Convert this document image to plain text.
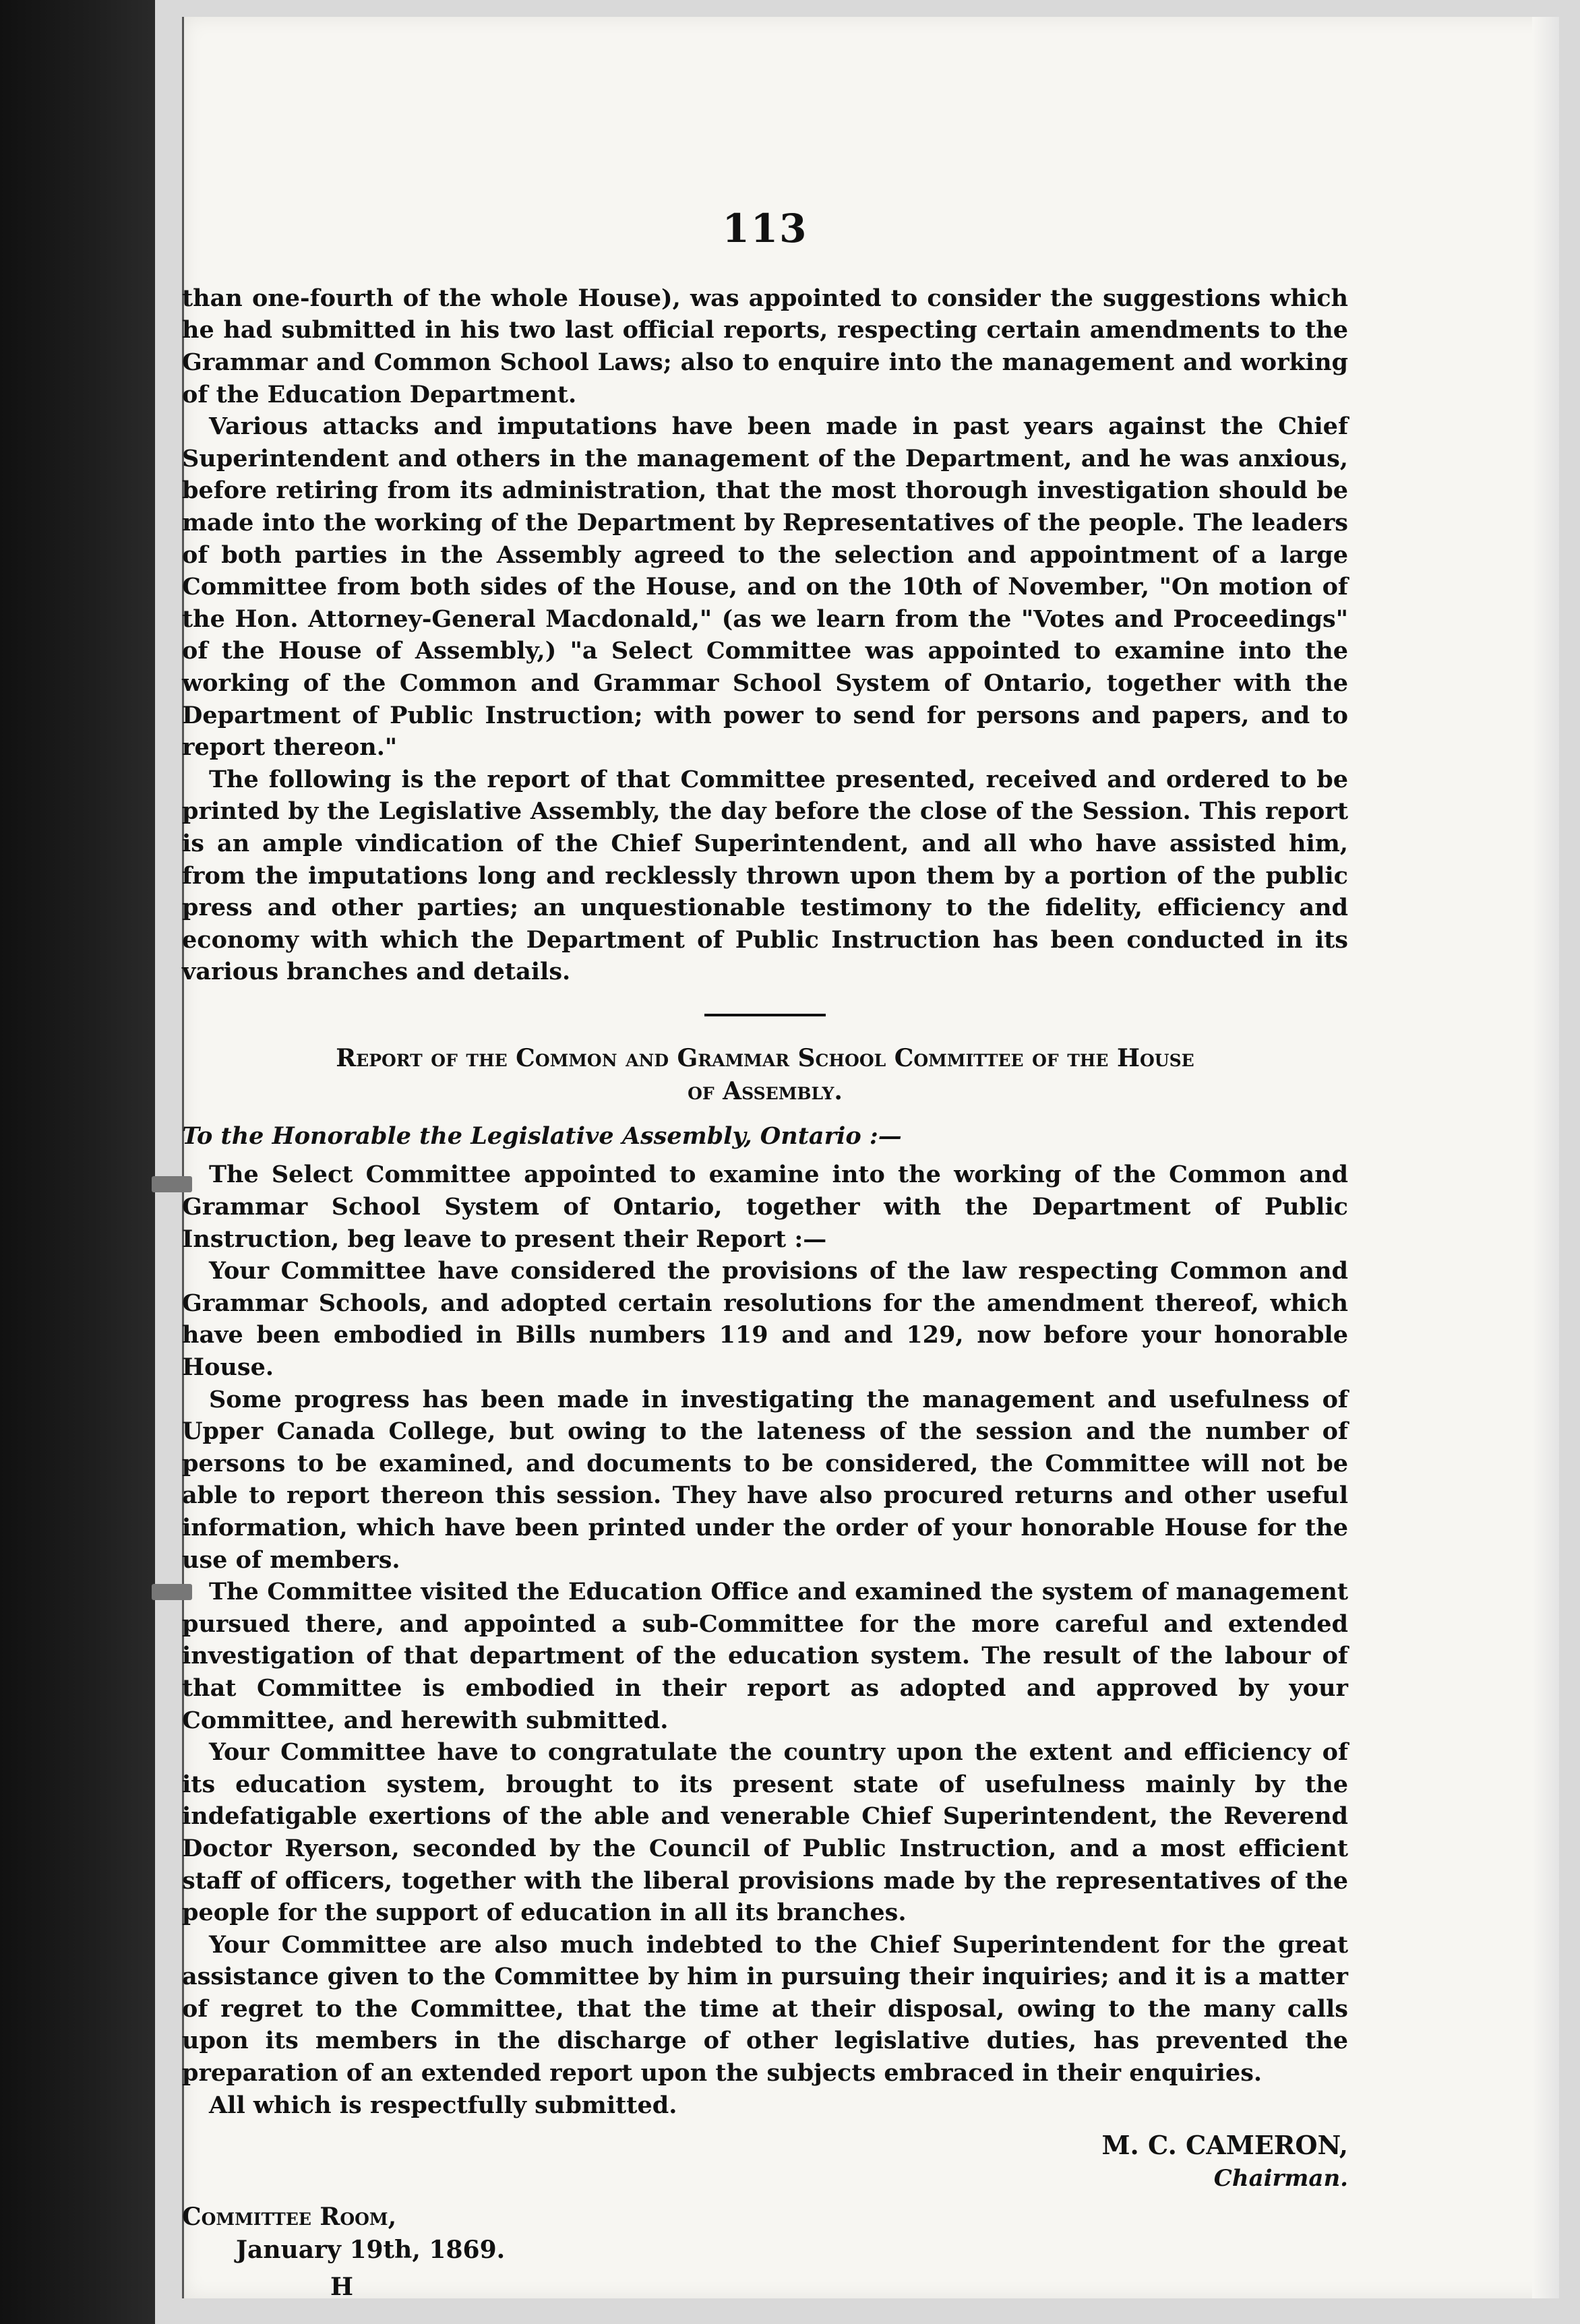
113

than one-fourth of the whole House), was appointed to consider the suggestions which he had submitted in his two last official reports, respecting certain amendments to the Grammar and Common School Laws; also to enquire into the management and working of the Education Department.

Various attacks and imputations have been made in past years against the Chief Superintendent and others in the management of the Department, and he was anxious, before retiring from its administration, that the most thorough investigation should be made into the working of the Department by Representatives of the people. The leaders of both parties in the Assembly agreed to the selection and appointment of a large Committee from both sides of the House, and on the 10th of November, "On motion of the Hon. Attorney-General Macdonald," (as we learn from the "Votes and Proceedings" of the House of Assembly,) "a Select Committee was appointed to examine into the working of the Common and Grammar School System of Ontario, together with the Department of Public Instruction; with power to send for persons and papers, and to report thereon."

The following is the report of that Committee presented, received and ordered to be printed by the Legislative Assembly, the day before the close of the Session. This report is an ample vindication of the Chief Superintendent, and all who have assisted him, from the imputations long and recklessly thrown upon them by a portion of the public press and other parties; an unquestionable testimony to the fidelity, efficiency and economy with which the Department of Public Instruction has been conducted in its various branches and details.

Report of the Common and Grammar School Committee of the House
of Assembly.

To the Honorable the Legislative Assembly, Ontario :—

The Select Committee appointed to examine into the working of the Common and Grammar School System of Ontario, together with the Department of Public Instruction, beg leave to present their Report :—

Your Committee have considered the provisions of the law respecting Common and Grammar Schools, and adopted certain resolutions for the amendment thereof, which have been embodied in Bills numbers 119 and and 129, now before your honorable House.

Some progress has been made in investigating the management and usefulness of Upper Canada College, but owing to the lateness of the session and the number of persons to be examined, and documents to be considered, the Committee will not be able to report thereon this session. They have also procured returns and other useful information, which have been printed under the order of your honorable House for the use of members.

The Committee visited the Education Office and examined the system of management pursued there, and appointed a sub-Committee for the more careful and extended investigation of that department of the education system. The result of the labour of that Committee is embodied in their report as adopted and approved by your Committee, and herewith submitted.

Your Committee have to congratulate the country upon the extent and efficiency of its education system, brought to its present state of usefulness mainly by the indefatigable exertions of the able and venerable Chief Superintendent, the Reverend Doctor Ryerson, seconded by the Council of Public Instruction, and a most efficient staff of officers, together with the liberal provisions made by the representatives of the people for the support of education in all its branches.

Your Committee are also much indebted to the Chief Superintendent for the great assistance given to the Committee by him in pursuing their inquiries; and it is a matter of regret to the Committee, that the time at their disposal, owing to the many calls upon its members in the discharge of other legislative duties, has prevented the preparation of an extended report upon the subjects embraced in their enquiries.

All which is respectfully submitted.

M. C. CAMERON,
Chairman.
Committee Room,
January 19th, 1869.
H
